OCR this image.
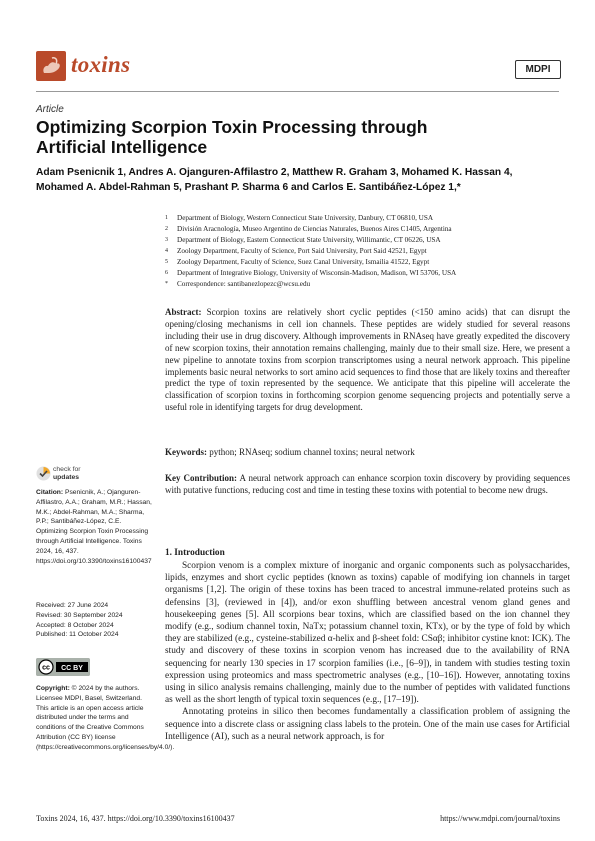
toxins	MDPI
Article
Optimizing Scorpion Toxin Processing through Artificial Intelligence
Adam Psenicnik 1, Andres A. Ojanguren-Affilastro 2, Matthew R. Graham 3, Mohamed K. Hassan 4,
Mohamed A. Abdel-Rahman 5, Prashant P. Sharma 6 and Carlos E. Santibáñez-López 1,*
1	Department of Biology, Western Connecticut State University, Danbury, CT 06810, USA
2	División Aracnología, Museo Argentino de Ciencias Naturales, Buenos Aires C1405, Argentina
3	Department of Biology, Eastern Connecticut State University, Willimantic, CT 06226, USA
4	Zoology Department, Faculty of Science, Port Said University, Port Said 42521, Egypt
5	Zoology Department, Faculty of Science, Suez Canal University, Ismailia 41522, Egypt
6	Department of Integrative Biology, University of Wisconsin-Madison, Madison, WI 53706, USA
*	Correspondence: santibanezlopezc@wcsu.edu
Abstract: Scorpion toxins are relatively short cyclic peptides (<150 amino acids) that can disrupt the opening/closing mechanisms in cell ion channels. These peptides are widely studied for several reasons including their use in drug discovery. Although improvements in RNAseq have greatly expedited the discovery of new scorpion toxins, their annotation remains challenging, mainly due to their small size. Here, we present a new pipeline to annotate toxins from scorpion transcriptomes using a neural network approach. This pipeline implements basic neural networks to sort amino acid sequences to find those that are likely toxins and thereafter predict the type of toxin represented by the sequence. We anticipate that this pipeline will accelerate the classification of scorpion toxins in forthcoming scorpion genome sequencing projects and potentially serve a useful role in identifying targets for drug development.
Keywords: python; RNAseq; sodium channel toxins; neural network
Key Contribution: A neural network approach can enhance scorpion toxin discovery by providing sequences with putative functions, reducing cost and time in testing these toxins with potential to become new drugs.
check for
updates
Citation: Psenicnik, A.; Ojanguren-Affilastro, A.A.; Graham, M.R.; Hassan, M.K.; Abdel-Rahman, M.A.; Sharma, P.P.; Santibáñez-López, C.E. Optimizing Scorpion Toxin Processing through Artificial Intelligence. Toxins 2024, 16, 437. https://doi.org/10.3390/toxins16100437
Received: 27 June 2024
Revised: 30 September 2024
Accepted: 8 October 2024
Published: 11 October 2024
cc CC BY
Copyright: © 2024 by the authors. Licensee MDPI, Basel, Switzerland. This article is an open access article distributed under the terms and conditions of the Creative Commons Attribution (CC BY) license (https://creativecommons.org/licenses/by/4.0/).
1. Introduction

Scorpion venom is a complex mixture of inorganic and organic components such as polysaccharides, lipids, enzymes and short cyclic peptides (known as toxins) capable of modifying ion channels in target organisms [1,2]. The origin of these toxins has been traced to ancestral immune-related proteins such as defensins [3], (reviewed in [4]), and/or exon shuffling between ancestral venom gland genes and housekeeping genes [5]. All scorpions bear toxins, which are classified based on the ion channel they modify (e.g., sodium channel toxin, NaTx; potassium channel toxin, KTx), or by the type of fold by which they are stabilized (e.g., cysteine-stabilized α-helix and β-sheet fold: CSαβ; inhibitor cystine knot: ICK). The study and discovery of these toxins in scorpion venom has increased due to the availability of RNA sequencing for nearly 130 species in 17 scorpion families (i.e., [6–9]), in tandem with studies testing toxin expression using proteomics and mass spectrometric analyses (e.g., [10–16]). However, annotating toxins using in silico analysis remains challenging, mainly due to the number of peptides with validated functions as well as the short length of typical toxin sequences (e.g., [17–19]).

Annotating proteins in silico then becomes fundamentally a classification problem of assigning the sequence into a discrete class or assigning class labels to the protein. One of the main use cases for Artificial Intelligence (AI), such as a neural network approach, is for

Toxins 2024, 16, 437. https://doi.org/10.3390/toxins16100437	https://www.mdpi.com/journal/toxins
